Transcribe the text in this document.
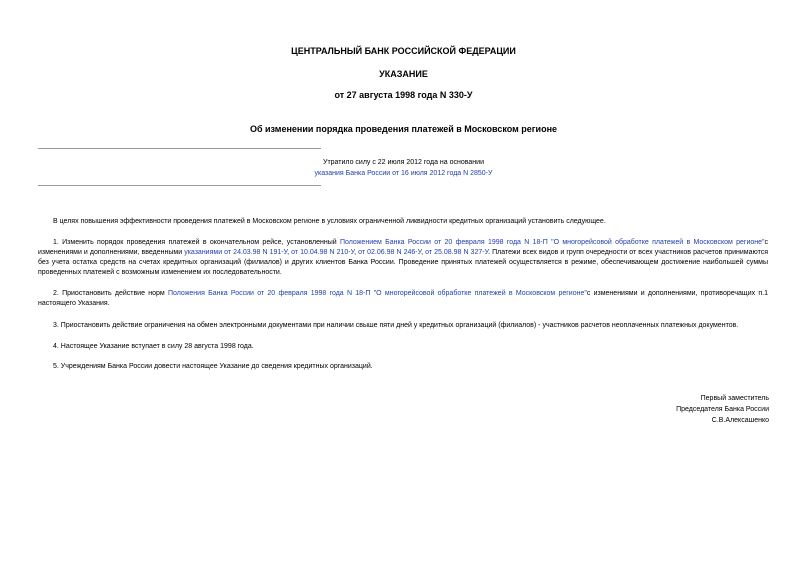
ЦЕНТРАЛЬНЫЙ БАНК РОССИЙСКОЙ ФЕДЕРАЦИИ
УКАЗАНИЕ
от 27 августа 1998 года N 330-У
Об изменении порядка проведения платежей в Московском регионе
Утратило силу с 22 июля 2012 года на основании
указания Банка России от 16 июля 2012 года N 2850-У
В целях повышения эффективности проведения платежей в Московском регионе в условиях ограниченной ликвидности кредитных организаций установить следующее.
1. Изменить порядок проведения платежей в окончательном рейсе, установленный Положением Банка России от 20 февраля 1998 года N 18-П "О многорейсовой обработке платежей в Московском регионе"с изменениями и дополнениями, введенными указаниями от 24.03.98 N 191-У, от 10.04.98 N 210-У, от 02.06.98 N 246-У, от 25.08.98 N 327-У. Платежи всех видов и групп очередности от всех участников расчетов принимаются без учета остатка средств на счетах кредитных организаций (филиалов) и других клиентов Банка России. Проведение принятых платежей осуществляется в режиме, обеспечивающем достижение наибольшей суммы проведенных платежей с возможным изменением их последовательности.
2. Приостановить действие норм Положения Банка России от 20 февраля 1998 года N 18-П "О многорейсовой обработке платежей в Московском регионе"с изменениями и дополнениями, противоречащих п.1 настоящего Указания.
3. Приостановить действие ограничения на обмен электронными документами при наличии свыше пяти дней у кредитных организаций (филиалов) - участников расчетов неоплаченных платежных документов.
4. Настоящее Указание вступает в силу 28 августа 1998 года.
5. Учреждениям Банка России довести настоящее Указание до сведения кредитных организаций.
Первый заместитель
Председателя Банка России
С.В.Алексашенко
